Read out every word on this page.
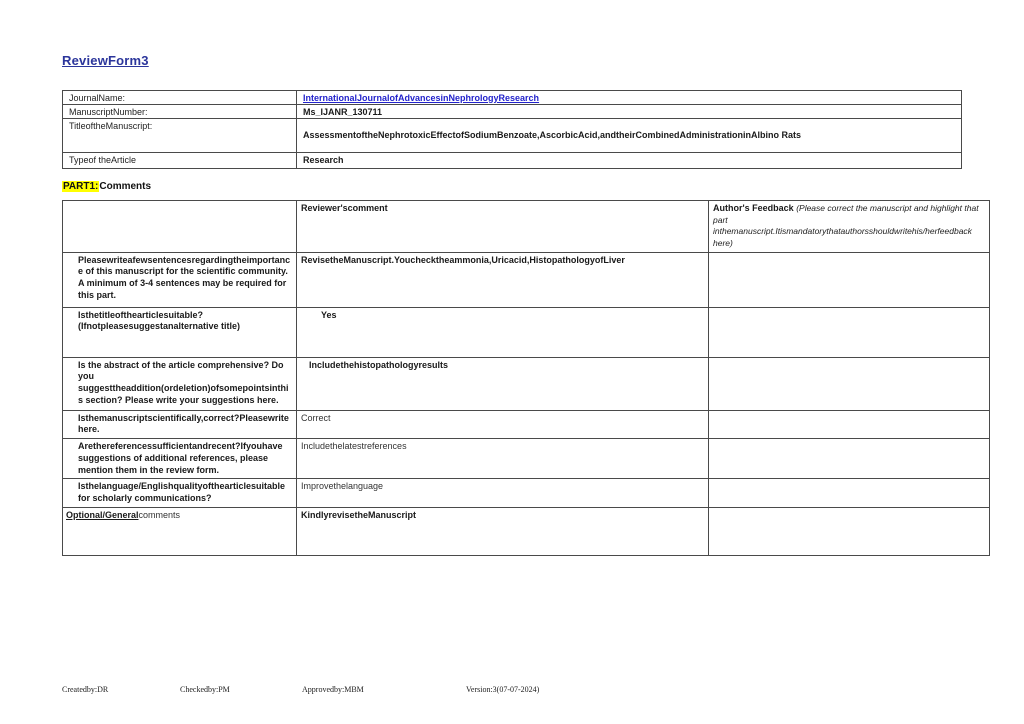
ReviewForm3
JournalName:	InternationalJournalofAdvancesinNephrologyResearch
ManuscriptNumber:	Ms_IJANR_130711
TitleoftheManuscript:	AssessmentoftheNephrotoxicEffectofSodiumBenzoate,AscorbicAcid,andtheirCombinedAdministrationinAlbino Rats

Typeof theArticle	Research
PART1:Comments
	Reviewer'scomment	Author's Feedback (Please correct the manuscript and highlight that part inthemanuscript.Itismandatorythatauthorsshouldwritehis/herfeedback here)
Pleasewriteafewsentencesregardingtheimportance of this manuscript for the scientific community. A minimum of 3-4 sentences may be required for this part.	RevisetheManuscript.Youchecktheammonia,Uricacid,HistopathologyofLiver	
Isthetitleofthearticlesuitable? (Ifnotpleasesuggestanalternative title)	Yes	
Is the abstract of the article comprehensive? Do you suggesttheaddition(ordeletion)ofsomepointsinthis section? Please write your suggestions here.	Includethehistopathologyresults	
Isthemanuscriptscientifically,correct?Pleasewrite here.	Correct	
Arethereferencessufficientandrecent?Ifyouhave suggestions of additional references, please mention them in the review form.	Includethelatestreferences	
Isthelanguage/Englishqualityofthearticlesuitable for scholarly communications?	Improvethelanguage	
Optional/Generalcomments	KindlyrevisetheManuscript	
Createdby:DR	Checkedby:PM	Approvedby:MBM	Version:3(07-07-2024)
